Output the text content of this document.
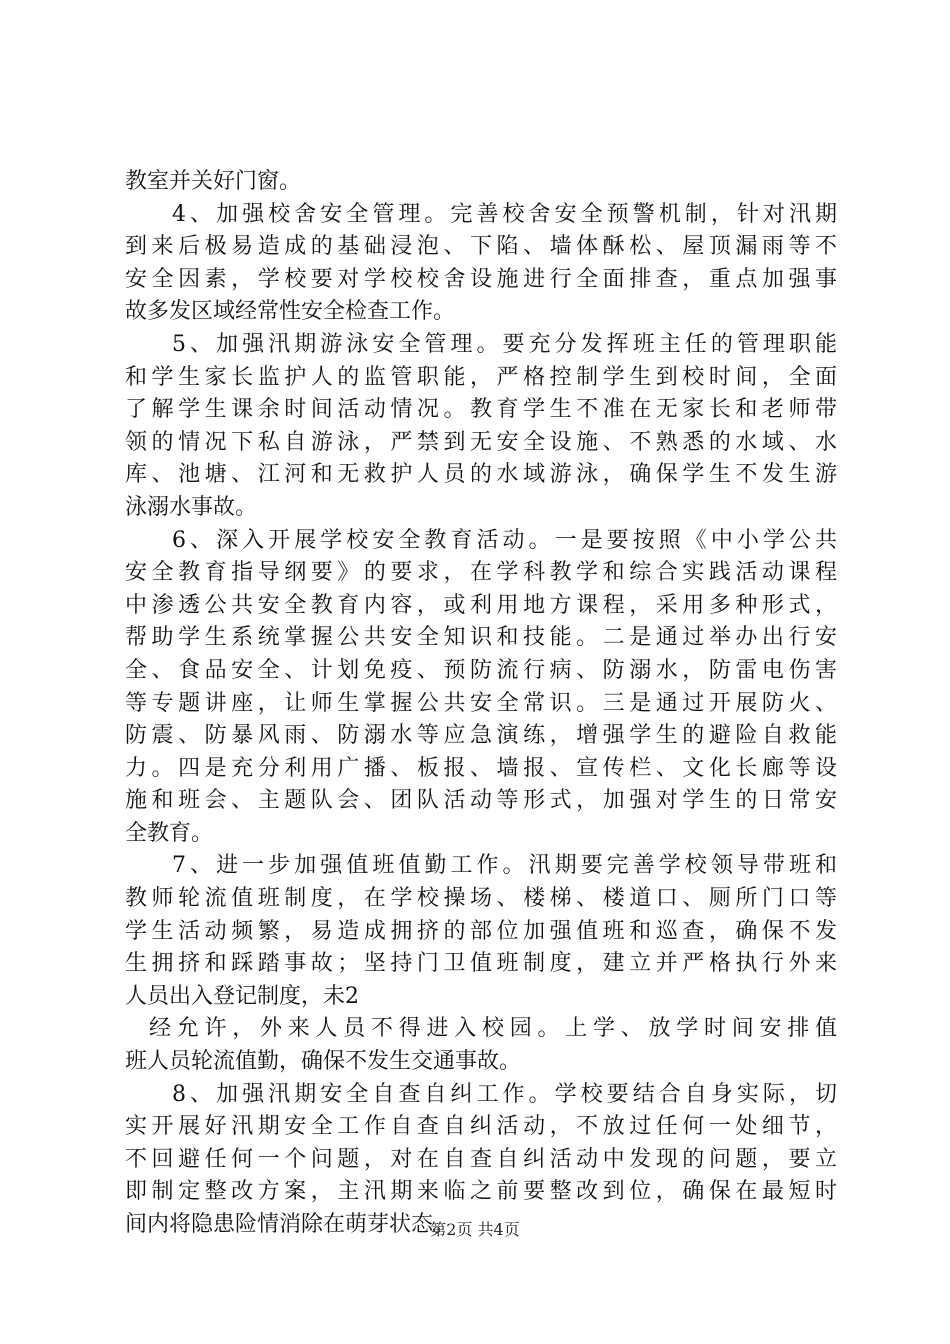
教室并关好门窗。
4、加强校舍安全管理。完善校舍安全预警机制，针对汛期
到来后极易造成的基础浸泡、下陷、墙体酥松、屋顶漏雨等不
安全因素，学校要对学校校舍设施进行全面排查，重点加强事
故多发区域经常性安全检查工作。
5、加强汛期游泳安全管理。要充分发挥班主任的管理职能
和学生家长监护人的监管职能，严格控制学生到校时间，全面
了解学生课余时间活动情况。教育学生不准在无家长和老师带
领的情况下私自游泳，严禁到无安全设施、不熟悉的水域、水
库、池塘、江河和无救护人员的水域游泳，确保学生不发生游
泳溺水事故。
6、深入开展学校安全教育活动。一是要按照《中小学公共
安全教育指导纲要》的要求，在学科教学和综合实践活动课程
中渗透公共安全教育内容，或利用地方课程，采用多种形式，
帮助学生系统掌握公共安全知识和技能。二是通过举办出行安
全、食品安全、计划免疫、预防流行病、防溺水，防雷电伤害
等专题讲座，让师生掌握公共安全常识。三是通过开展防火、
防震、防暴风雨、防溺水等应急演练，增强学生的避险自救能
力。四是充分利用广播、板报、墙报、宣传栏、文化长廊等设
施和班会、主题队会、团队活动等形式，加强对学生的日常安
全教育。
7、进一步加强值班值勤工作。汛期要完善学校领导带班和
教师轮流值班制度，在学校操场、楼梯、楼道口、厕所门口等
学生活动频繁，易造成拥挤的部位加强值班和巡查，确保不发
生拥挤和踩踏事故；坚持门卫值班制度，建立并严格执行外来
人员出入登记制度，未2
经允许，外来人员不得进入校园。上学、放学时间安排值
班人员轮流值勤，确保不发生交通事故。
8、加强汛期安全自查自纠工作。学校要结合自身实际，切
实开展好汛期安全工作自查自纠活动，不放过任何一处细节，
不回避任何一个问题，对在自查自纠活动中发现的问题，要立
即制定整改方案，主汛期来临之前要整改到位，确保在最短时
间内将隐患险情消除在萌芽状态。
第2页 共4页
